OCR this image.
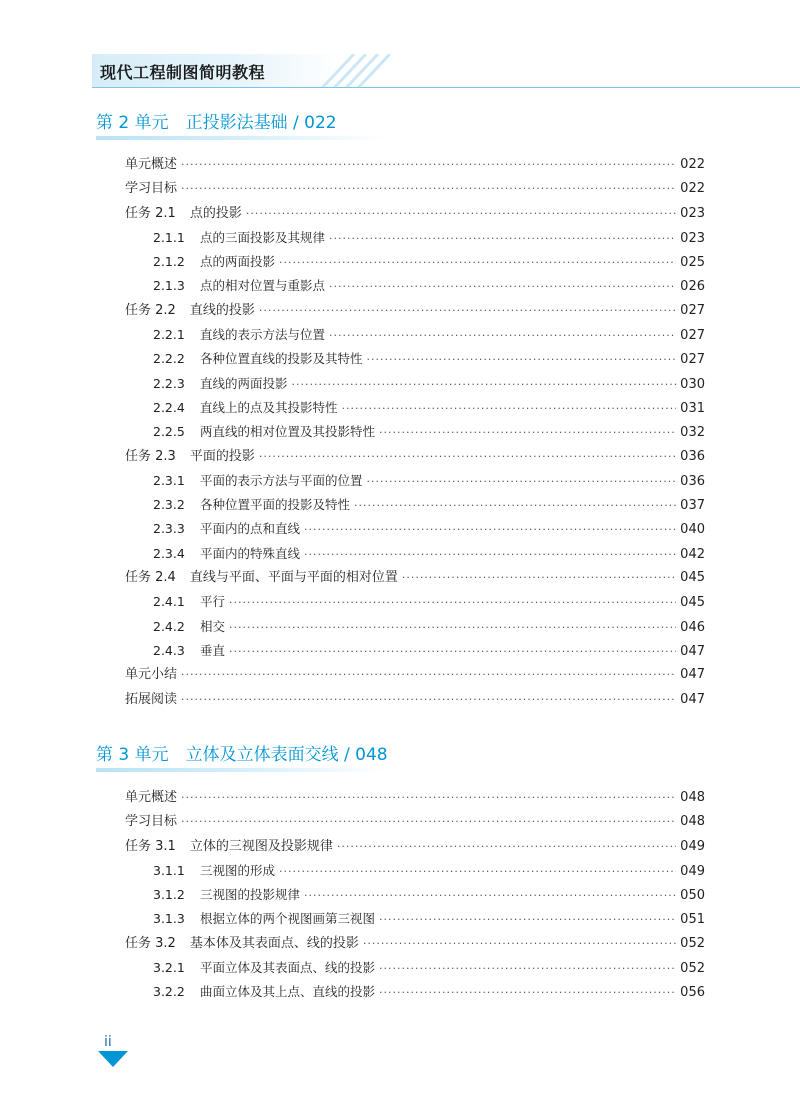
现代工程制图简明教程
第 2 单元　正投影法基础 / 022
单元概述 ·····	022
学习目标 ·····	022
任务 2.1 点的投影 ·····	023
2.1.1 点的三面投影及其规律 ·····	023
2.1.2 点的两面投影 ·····	025
2.1.3 点的相对位置与重影点 ·····	026
任务 2.2 直线的投影 ·····	027
2.2.1 直线的表示方法与位置 ·····	027
2.2.2 各种位置直线的投影及其特性 ·····	027
2.2.3 直线的两面投影 ·····	030
2.2.4 直线上的点及其投影特性 ·····	031
2.2.5 两直线的相对位置及其投影特性 ·····	032
任务 2.3 平面的投影 ·····	036
2.3.1 平面的表示方法与平面的位置 ·····	036
2.3.2 各种位置平面的投影及特性 ·····	037
2.3.3 平面内的点和直线 ·····	040
2.3.4 平面内的特殊直线 ·····	042
任务 2.4 直线与平面、平面与平面的相对位置 ·····	045
2.4.1 平行 ·····	045
2.4.2 相交 ·····	046
2.4.3 垂直 ·····	047
单元小结 ·····	047
拓展阅读 ·····	047
第 3 单元　立体及立体表面交线 / 048
单元概述 ·····	048
学习目标 ·····	048
任务 3.1 立体的三视图及投影规律 ·····	049
3.1.1 三视图的形成 ·····	049
3.1.2 三视图的投影规律 ·····	050
3.1.3 根据立体的两个视图画第三视图 ·····	051
任务 3.2 基本体及其表面点、线的投影 ·····	052
3.2.1 平面立体及其表面点、线的投影 ·····	052
3.2.2 曲面立体及其上点、直线的投影 ·····	056
ii
